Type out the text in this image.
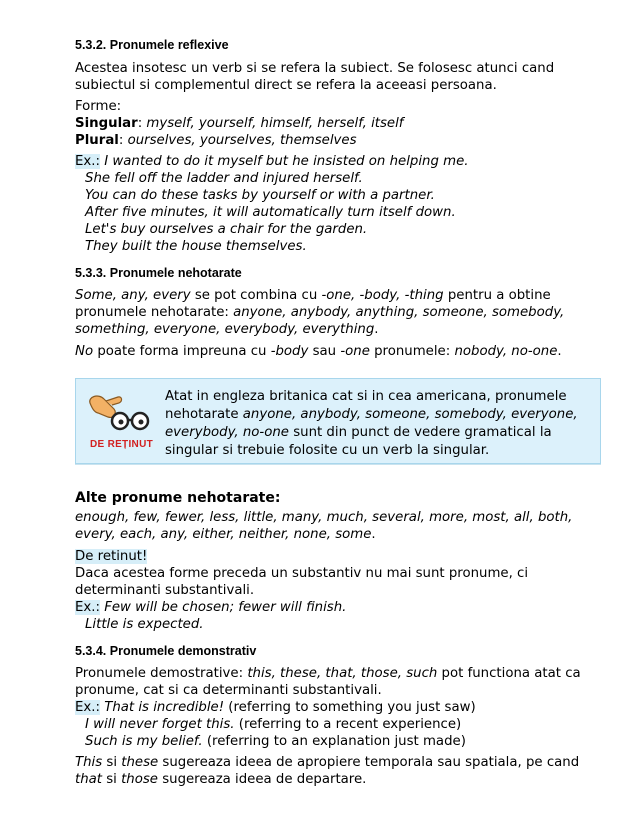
5.3.2. Pronumele reflexive

Acestea insotesc un verb si se refera la subiect. Se folosesc atunci cand subiectul si complementul direct se refera la aceeasi persoana.

Forme:

Singular: myself, yourself, himself, herself, itself

Plural: ourselves, yourselves, themselves

Ex.: I wanted to do it myself but he insisted on helping me.
She fell off the ladder and injured herself.
You can do these tasks by yourself or with a partner.
After five minutes, it will automatically turn itself down.
Let's buy ourselves a chair for the garden.
They built the house themselves.
5.3.3. Pronumele nehotarate

Some, any, every se pot combina cu -one, -body, -thing pentru a obtine pronumele nehotarate: anyone, anybody, anything, someone, somebody, something, everyone, everybody, everything.

No poate forma impreuna cu -body sau -one pronumele: nobody, no-one.

DE REȚINUT
Atat in engleza britanica cat si in cea americana, pronumele nehotarate anyone, anybody, someone, somebody, everyone, everybody, no-one sunt din punct de vedere gramatical la singular si trebuie folosite cu un verb la singular.

Alte pronume nehotarate:

enough, few, fewer, less, little, many, much, several, more, most, all, both, every, each, any, either, neither, none, some.

De retinut!

Daca acestea forme preceda un substantiv nu mai sunt pronume, ci determinanti substantivali.

Ex.: Few will be chosen; fewer will finish.

Little is expected.

5.3.4. Pronumele demonstrativ

Pronumele demostrative: this, these, that, those, such pot functiona atat ca pronume, cat si ca determinanti substantivali.

Ex.: That is incredible! (referring to something you just saw)

I will never forget this. (referring to a recent experience)

Such is my belief. (referring to an explanation just made)

This si these sugereaza ideea de apropiere temporala sau spatiala, pe cand that si those sugereaza ideea de departare.
